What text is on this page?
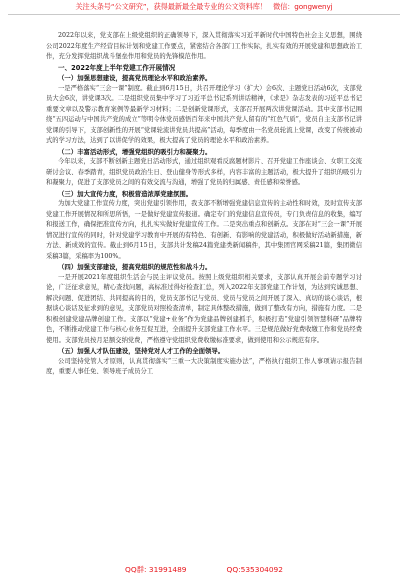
关注头条号“公文研究”，获得最新最全最专业的公文资料库！ 微信：gongwenyj

2022年以来，党支部在上级党组织的正确领导下，深入贯彻落实习近平新时代中国特色社会主义思想，围绕公司2022年度生产经营目标计划和党建工作要点，紧密结合各部门工作实际，扎实有效的开展党建和思想政治工作，充分发挥党组织战斗堡垒作用和党员的先锋模范作用。

一、2022年度上半年党建工作开展情况

（一）加强思想建设，提高党员理论水平和政治素养。

一是严格落实“三会一课”制度。截止到6月15日，共召开理论学习（扩大）会6次、主题党日活动6次，支部党员大会6次，讲党课3次。二是组织党员集中学习了习近平总书记系列讲话精神，《求是》杂志发表的习近平总书记重要文章以及警示教育案例等最新学习材料；二是创新党课形式，支部召开展两次讲党课活动。其中支部书记围绕“五四运动与中国共产党的成立”等明令体党员感悟百年来中国共产党人留有的“红色气质”，党员自主支部书记讲党课的引导下，支部创新性的开展“党课轮流讲党员共提高”活动，每季度由一名党员轮流上党课，改变了传统被动式的学习方法，达到了以讲促学的效果，极大提高了党员的理论水平和政治素养。

（二）丰富活动形式，增强党组织的吸引力和凝聚力。

今年以来，支部不断创新主题党日活动形式，通过组织观看反腐题材影片、召开党建工作座谈会、女职工交流研讨会议、春季踏青，组织党员政治生日、登山健身等形式多样，内容丰富的主题活动，极大提升了组织的吸引力和凝聚力，促进了支部党员之间的有效交流与沟通，增强了党员的归属感、责任感和荣誉感。

（三）加大宣传力度，积极营造浓厚党建氛围。

为加大党建工作宣传力度，突出党建引领作用，我支部不断增强党建信息宣传的主动性和时效，及时宣传支部党建工作开展情况和所思所悟，一是做好党建宣传报道。确定专门的党建信息宣传员，专门负责信息的收集，编写和报送工作，确保把准宣传方向，扎扎实实做好党建宣传工作。二是突出重点和创新点。支部在对“三会一课”开展情况进行宣传的同时，针对党建学习教育中开展的有特色、有创新、有影响的党建活动，积极做好活动新措施，新方法、新成效的宣传。截止到6月15日，支部共计发稿24篇党建类新闻稿件，其中集团官网采稿21篇，集团微信采稿3篇，采稿率为100%。

（四）加强支部建设，提高党组织的规范性和战斗力。

一是开展2021年度组织生活会与民主评议党员。按照上级党组织相关要求，支部认真开展会前专题学习讨论，广泛征求意见，精心查找问题，高标准过得好检查汇总，列入2022年支部党建工作计划，为达到究诚思想、解决问题、促进团结、共同提高的目的，党员支部书记与党员、党员与党员之间开展了深入、真切的谈心谈话，根据谈心谈话及征求到的意见，支部党员对照检查清单，制定具体整改措施，做到了整改有方向，措施有力度。二是积极创建党建品牌创建工作。支部以“党建+业务”作为党建品牌创建抓手，积极打造“党建引领智慧科研”品牌特色，不断推动党建工作与核心业务互促互进，全面提升支部党建工作水平。三是规范做好党费收缴工作和党员经费使用。支部党员按月足额交纳党费，严格遵守党组织党费收缴标准要求，做到使用和公示规范有序。

（五）加强人才队伍建设，坚持党对人才工作的全面领导。

公司坚持党管人才原则，认真贯彻落实“三重一大决策制度实施办法”，严格执行组织工作人事项请示报告制度，重要人事任免、领导班子成员分工

QQ群: 31991489	QQ:535304092
